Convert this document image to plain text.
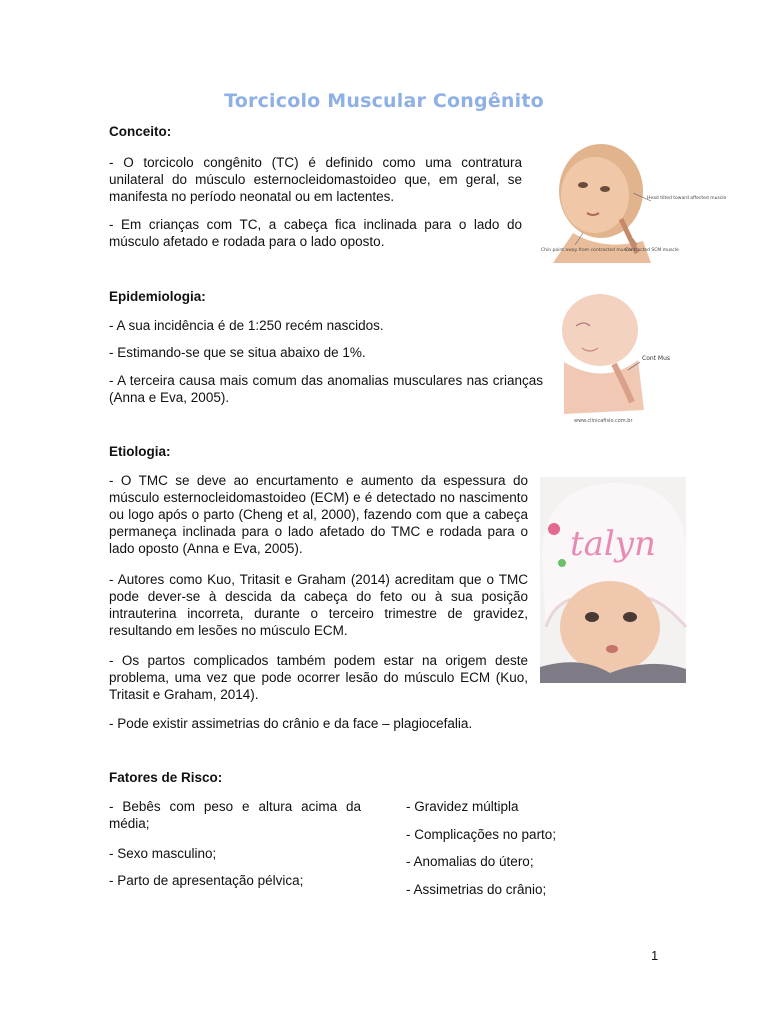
Torcicolo Muscular Congênito
Conceito:

- O torcicolo congênito (TC) é definido como uma contratura unilateral do músculo esternocleidomastoideo que, em geral, se manifesta no período neonatal ou em lactentes.

- Em crianças com TC, a cabeça fica inclinada para o lado do músculo afetado e rodada para o lado oposto.

Head tilted toward affected muscle
Chin point away from contracted muscle
Contracted SCM muscle
Epidemiologia:

- A sua incidência é de 1:250 recém nascidos.

- Estimando-se que se situa abaixo de 1%.

- A terceira causa mais comum das anomalias musculares nas crianças (Anna e Eva, 2005).

Cont Mus
www.clinicafisio.com.br
Etiologia:

- O TMC se deve ao encurtamento e aumento da espessura do músculo esternocleidomastoideo (ECM) e é detectado no nascimento ou logo após o parto (Cheng et al, 2000), fazendo com que a cabeça permaneça inclinada para o lado afetado do TMC e rodada para o lado oposto (Anna e Eva, 2005).

- Autores como Kuo, Tritasit e Graham (2014) acreditam que o TMC pode dever-se à descida da cabeça do feto ou à sua posição intrauterina incorreta, durante o terceiro trimestre de gravidez, resultando em lesões no músculo ECM.

- Os partos complicados também podem estar na origem deste problema, uma vez que pode ocorrer lesão do músculo ECM (Kuo, Tritasit e Graham, 2014).

- Pode existir assimetrias do crânio e da face – plagiocefalia.

talyn
Fatores de Risco:

- Bebês com peso e altura acima da média;

- Sexo masculino;

- Parto de apresentação pélvica;

- Gravidez múltipla
- Complicações no parto;
- Anomalias do útero;
- Assimetrias do crânio;
1
